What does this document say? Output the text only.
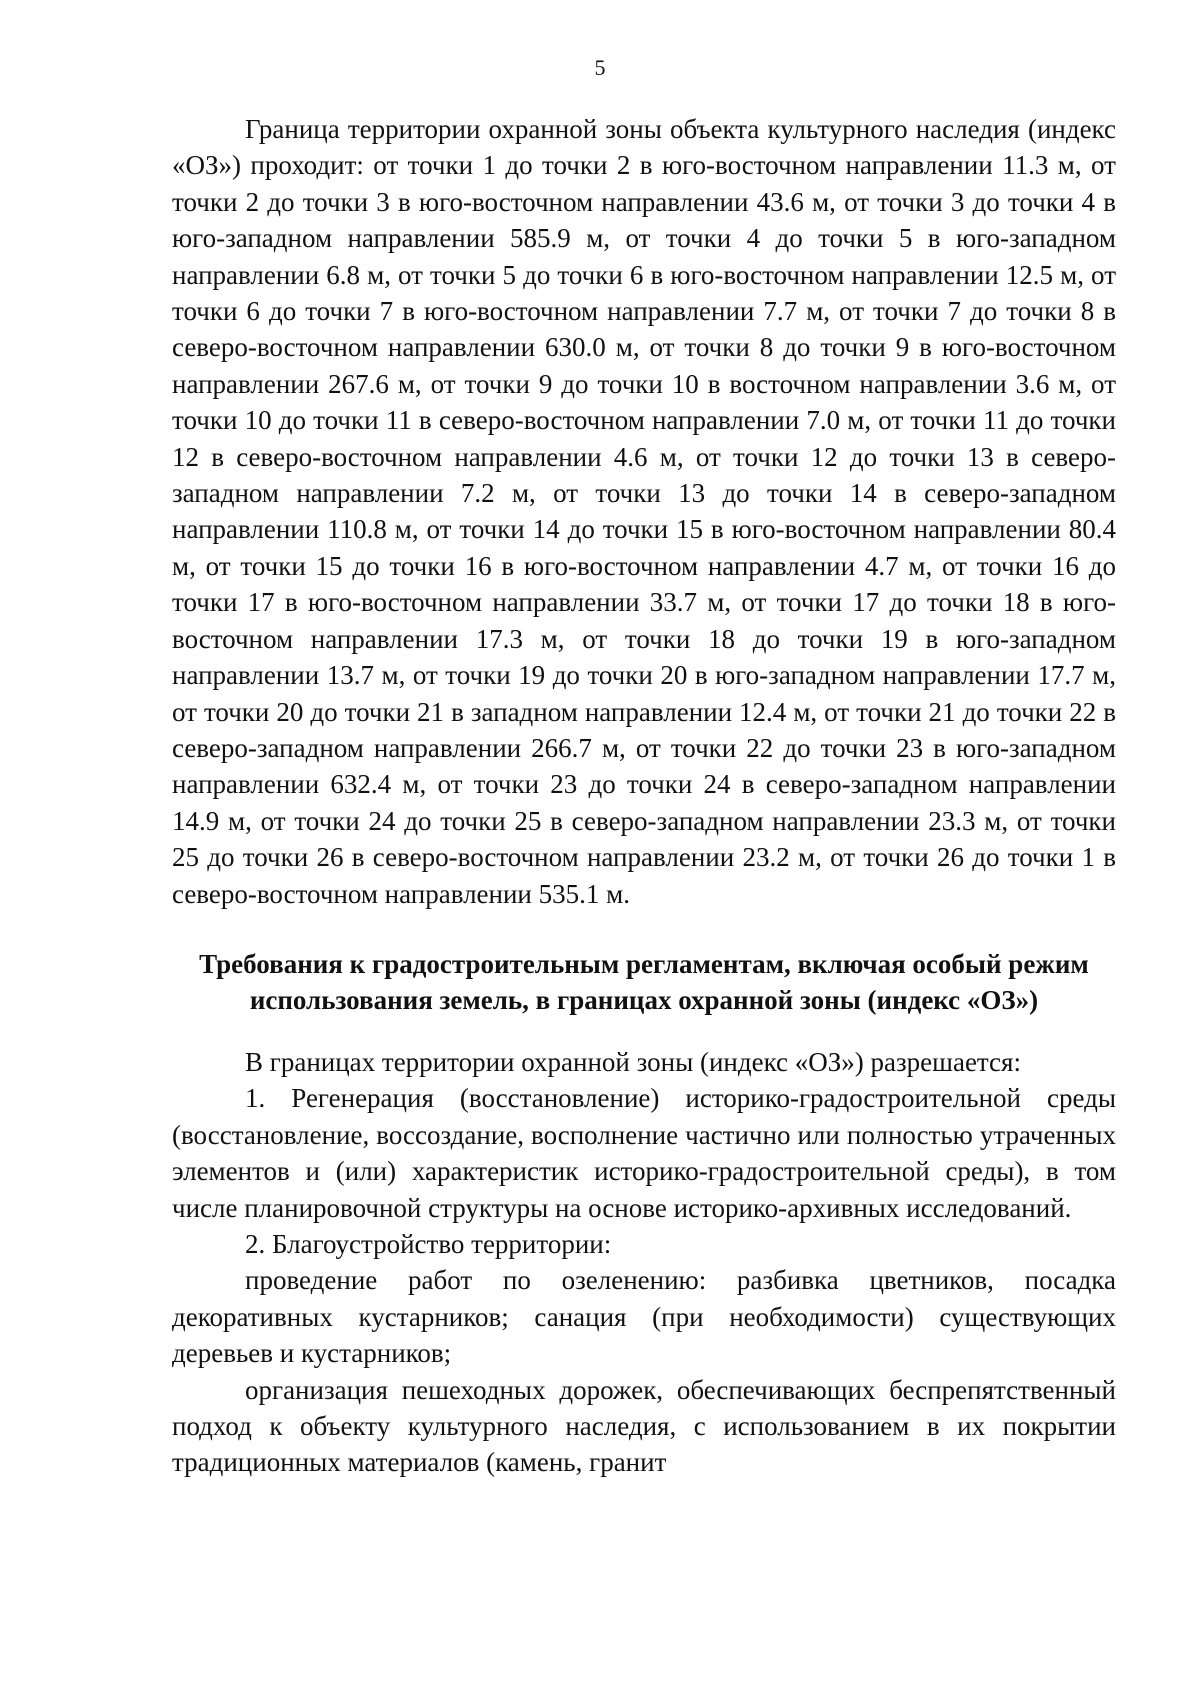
5

Граница территории охранной зоны объекта культурного наследия (индекс «ОЗ») проходит: от точки 1 до точки 2 в юго-восточном направлении 11.3 м, от точки 2 до точки 3 в юго-восточном направлении 43.6 м, от точки 3 до точки 4 в юго-западном направлении 585.9 м, от точки 4 до точки 5 в юго-западном направлении 6.8 м, от точки 5 до точки 6 в юго-восточном направлении 12.5 м, от точки 6 до точки 7 в юго-восточном направлении 7.7 м, от точки 7 до точки 8 в северо-восточном направлении 630.0 м, от точки 8 до точки 9 в юго-восточном направлении 267.6 м, от точки 9 до точки 10 в восточном направлении 3.6 м, от точки 10 до точки 11 в северо-восточном направлении 7.0 м, от точки 11 до точки 12 в северо-восточном направлении 4.6 м, от точки 12 до точки 13 в северо-западном направлении 7.2 м, от точки 13 до точки 14 в северо-западном направлении 110.8 м, от точки 14 до точки 15 в юго-восточном направлении 80.4 м, от точки 15 до точки 16 в юго-восточном направлении 4.7 м, от точки 16 до точки 17 в юго-восточном направлении 33.7 м, от точки 17 до точки 18 в юго-восточном направлении 17.3 м, от точки 18 до точки 19 в юго-западном направлении 13.7 м, от точки 19 до точки 20 в юго-западном направлении 17.7 м, от точки 20 до точки 21 в западном направлении 12.4 м, от точки 21 до точки 22 в северо-западном направлении 266.7 м, от точки 22 до точки 23 в юго-западном направлении 632.4 м, от точки 23 до точки 24 в северо-западном направлении 14.9 м, от точки 24 до точки 25 в северо-западном направлении 23.3 м, от точки 25 до точки 26 в северо-восточном направлении 23.2 м, от точки 26 до точки 1 в северо-восточном направлении 535.1 м.

Требования к градостроительным регламентам, включая особый режим
использования земель, в границах охранной зоны (индекс «ОЗ»)

В границах территории охранной зоны (индекс «ОЗ») разрешается:

1. Регенерация (восстановление) историко-градостроительной среды (восстановление, воссоздание, восполнение частично или полностью утраченных элементов и (или) характеристик историко-градостроительной среды), в том числе планировочной структуры на основе историко-архивных исследований.

2. Благоустройство территории:

проведение работ по озеленению: разбивка цветников, посадка декоративных кустарников; санация (при необходимости) существующих деревьев и кустарников;

организация пешеходных дорожек, обеспечивающих беспрепятственный подход к объекту культурного наследия, с использованием в их покрытии традиционных материалов (камень, гранит
